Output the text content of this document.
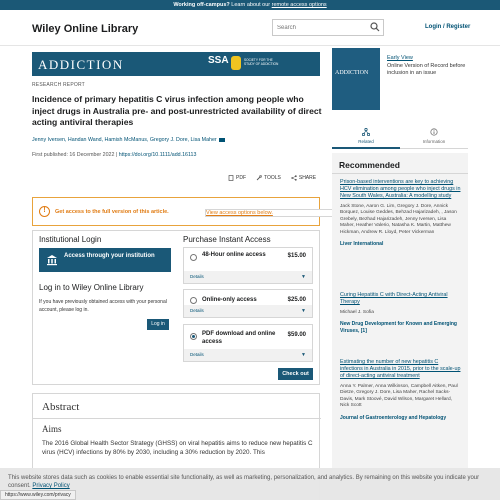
Working off-campus? Learn about our remote access options
Wiley Online Library
Search	Login / Register
ADDICTION	SSA	SOCIETY FOR THE STUDY OF ADDICTION
RESEARCH REPORT
Incidence of primary hepatitis C virus infection among people who inject drugs in Australia pre- and post-unrestricted availability of direct acting antiviral therapies
Jenny Iversen, Handan Wand, Hamish McManus, Gregory J. Dore, Lisa Maher
First published: 16 December 2022 | https://doi.org/10.1111/add.16113
PDF	TOOLS	SHARE
!	Get access to the full version of this article.	View access options below.
Institutional Login
Access through your institution
Log in to Wiley Online Library
If you have previously obtained access with your personal account, please log in.
Log in
Purchase Instant Access
48-Hour online access	$15.00
Details	▼
Online-only access	$25.00
Details	▼
PDF download and online access
$59.00
Details	▼
Check out
Abstract
Aims
The 2016 Global Health Sector Strategy (GHSS) on viral hepatitis aims to reduce new hepatitis C virus (HCV) infections by 80% by 2030, including a 30% reduction by 2020. This
ADDICTION
Early View
Online Version of Record before inclusion in an issue
Related	Information
Recommended
Prison-based interventions are key to achieving HCV elimination among people who inject drugs in New South Wales, Australia: A modelling study
Jack Stone, Aaron G. Lim, Gregory J. Dore, Annick Borquez, Louise Geddes, Behzad Hajarizadeh, , Jason Grebely, Bezhad Hajarizadeh, Jenny Iversen, Lisa Maher, Heather Valerio, Natasha K. Martin, Matthew Hickman, Andrew R. Lloyd, Peter Vickerman
Liver International
Curing Hepatitis C with Direct-Acting Antiviral Therapy
Michael J. Sofia
New Drug Development for Known and Emerging Viruses, [1]
Estimating the number of new hepatitis C infections in Australia in 2015, prior to the scale-up of direct-acting antiviral treatment
Anna Y. Palmer, Anna Wilkinson, Campbell Aitken, Paul Dietze, Gregory J. Dore, Lisa Maher, Rachel Sacks-Davis, Mark Stoové, David Wilson, Margaret Hellard, Nick Scott
Journal of Gastroenterology and Hepatology
This website stores data such as cookies to enable essential site functionality, as well as marketing, personalization, and analytics. By remaining on this website you indicate your consent. Privacy Policy
https://www.wiley.com/privacy
